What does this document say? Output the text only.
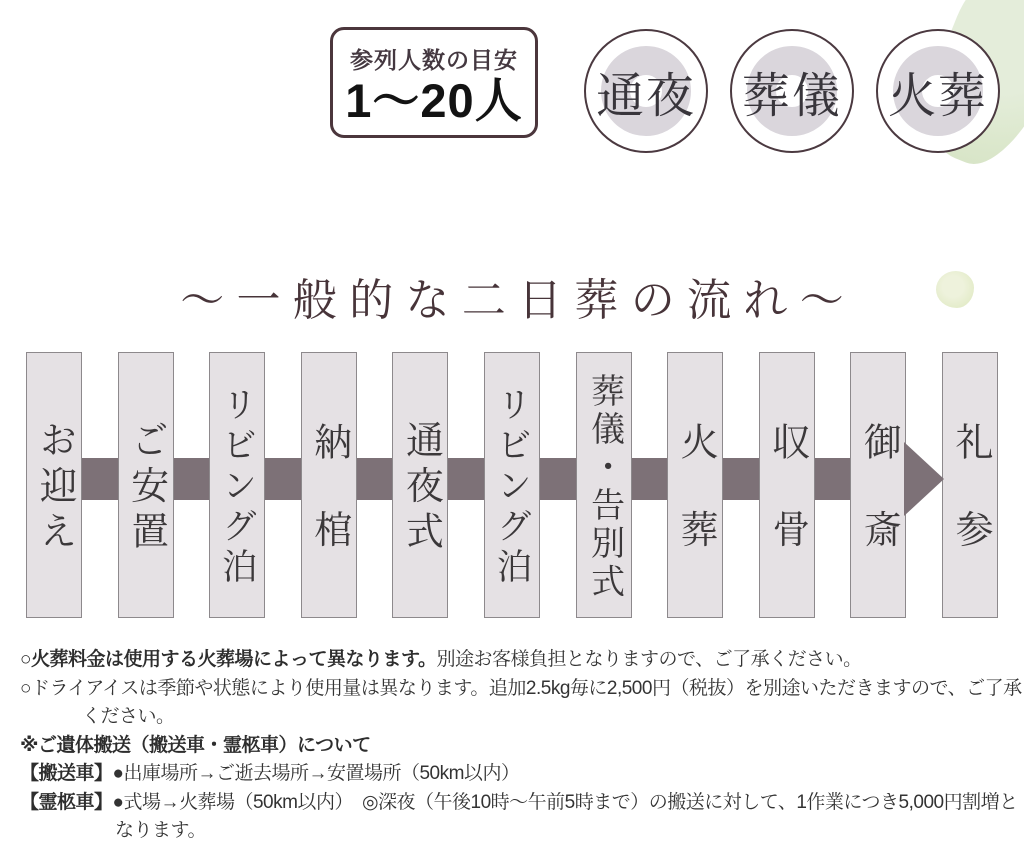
参列人数の目安
1〜20人 通夜 葬儀 火葬
〜一般的な二日葬の流れ〜
お迎え ご安置 リビング泊 納棺 通夜式 リビング泊 葬儀・告別式 火葬 収骨 御斎 礼参
○火葬料金は使用する火葬場によって異なります。別途お客様負担となりますので、ご了承ください。
○ドライアイスは季節や状態により使用量は異なります。追加2.5kg毎に2,500円（税抜）を別途いただきますので、ご了承
ください。
※ご遺体搬送（搬送車・霊柩車）について
【搬送車】●出庫場所→ご逝去場所→安置場所（50km以内）
【霊柩車】●式場→火葬場（50km以内）　◎深夜（午後10時〜午前5時まで）の搬送に対して、1作業につき5,000円割増と
なります。
